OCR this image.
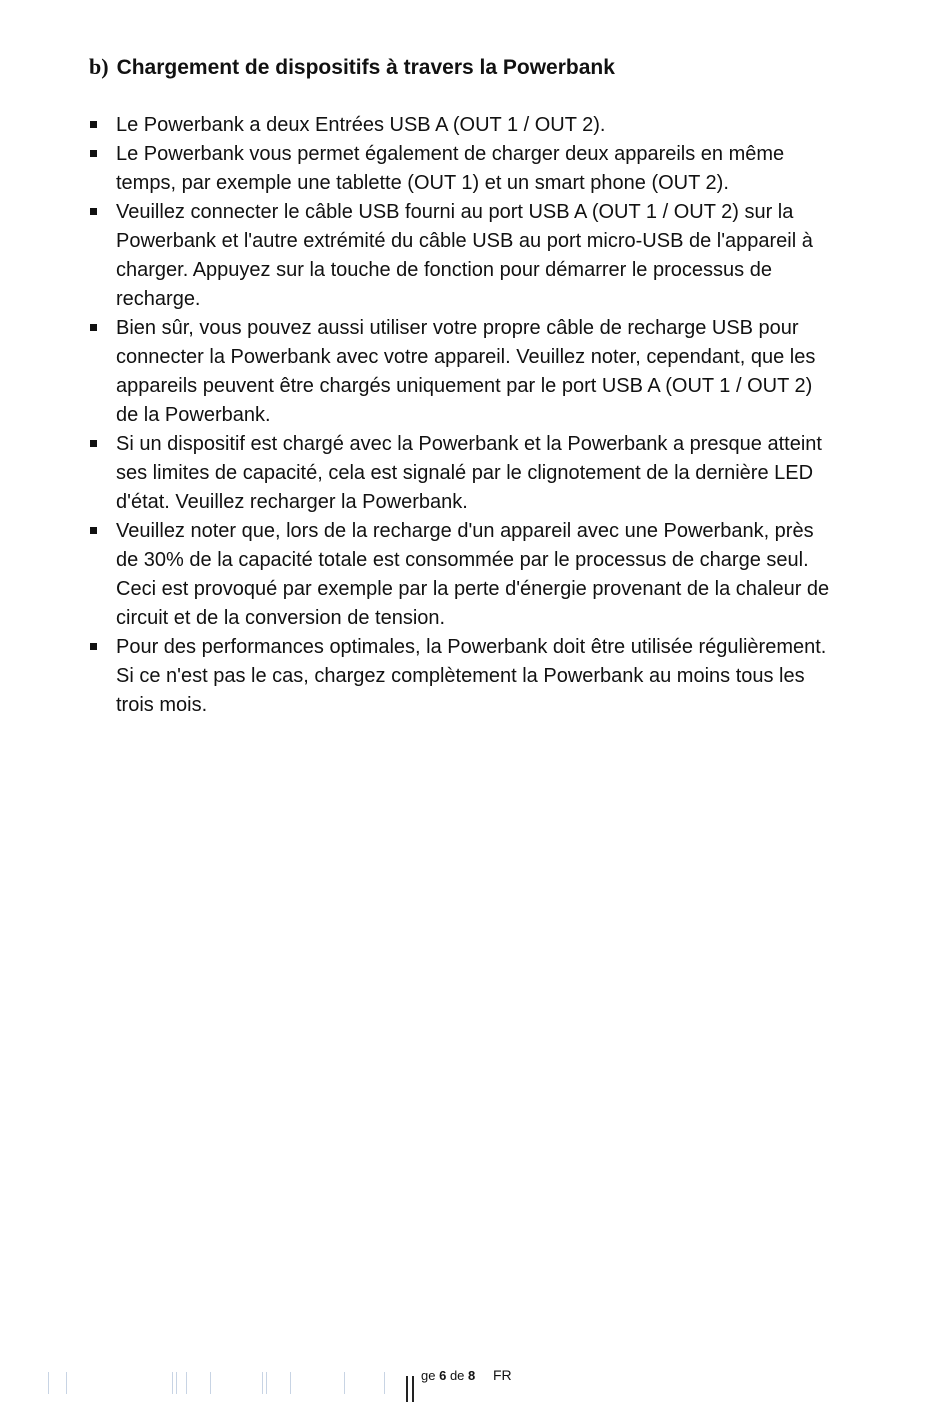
b) Chargement de dispositifs à travers la Powerbank
Le Powerbank a deux Entrées USB A (OUT 1 / OUT 2).
Le Powerbank vous permet également de charger deux appareils en même temps, par exemple une tablette (OUT 1) et un smart phone (OUT 2).
Veuillez connecter le câble USB fourni au port USB A (OUT 1 / OUT 2) sur la Powerbank et l'autre extrémité du câble USB au port micro-USB de l'appareil à charger. Appuyez sur la touche de fonction pour démarrer le processus de recharge.
Bien sûr, vous pouvez aussi utiliser votre propre câble de recharge USB pour connecter la Powerbank avec votre appareil. Veuillez noter, cependant, que les appareils peuvent être chargés uniquement par le port USB A (OUT 1 / OUT 2) de la Powerbank.
Si un dispositif est chargé avec la Powerbank et la Powerbank a presque atteint ses limites de capacité, cela est signalé par le clignotement de la dernière LED d'état. Veuillez recharger la Powerbank.
Veuillez noter que, lors de la recharge d'un appareil avec une Powerbank, près de 30% de la capacité totale est consommée par le processus de charge seul. Ceci est provoqué par exemple par la perte d'énergie provenant de la chaleur de circuit et de la conversion de tension.
Pour des performances optimales, la Powerbank doit être utilisée régulièrement. Si ce n'est pas le cas, chargez complètement la Powerbank au moins tous les trois mois.
ge 6 de 8 FR
